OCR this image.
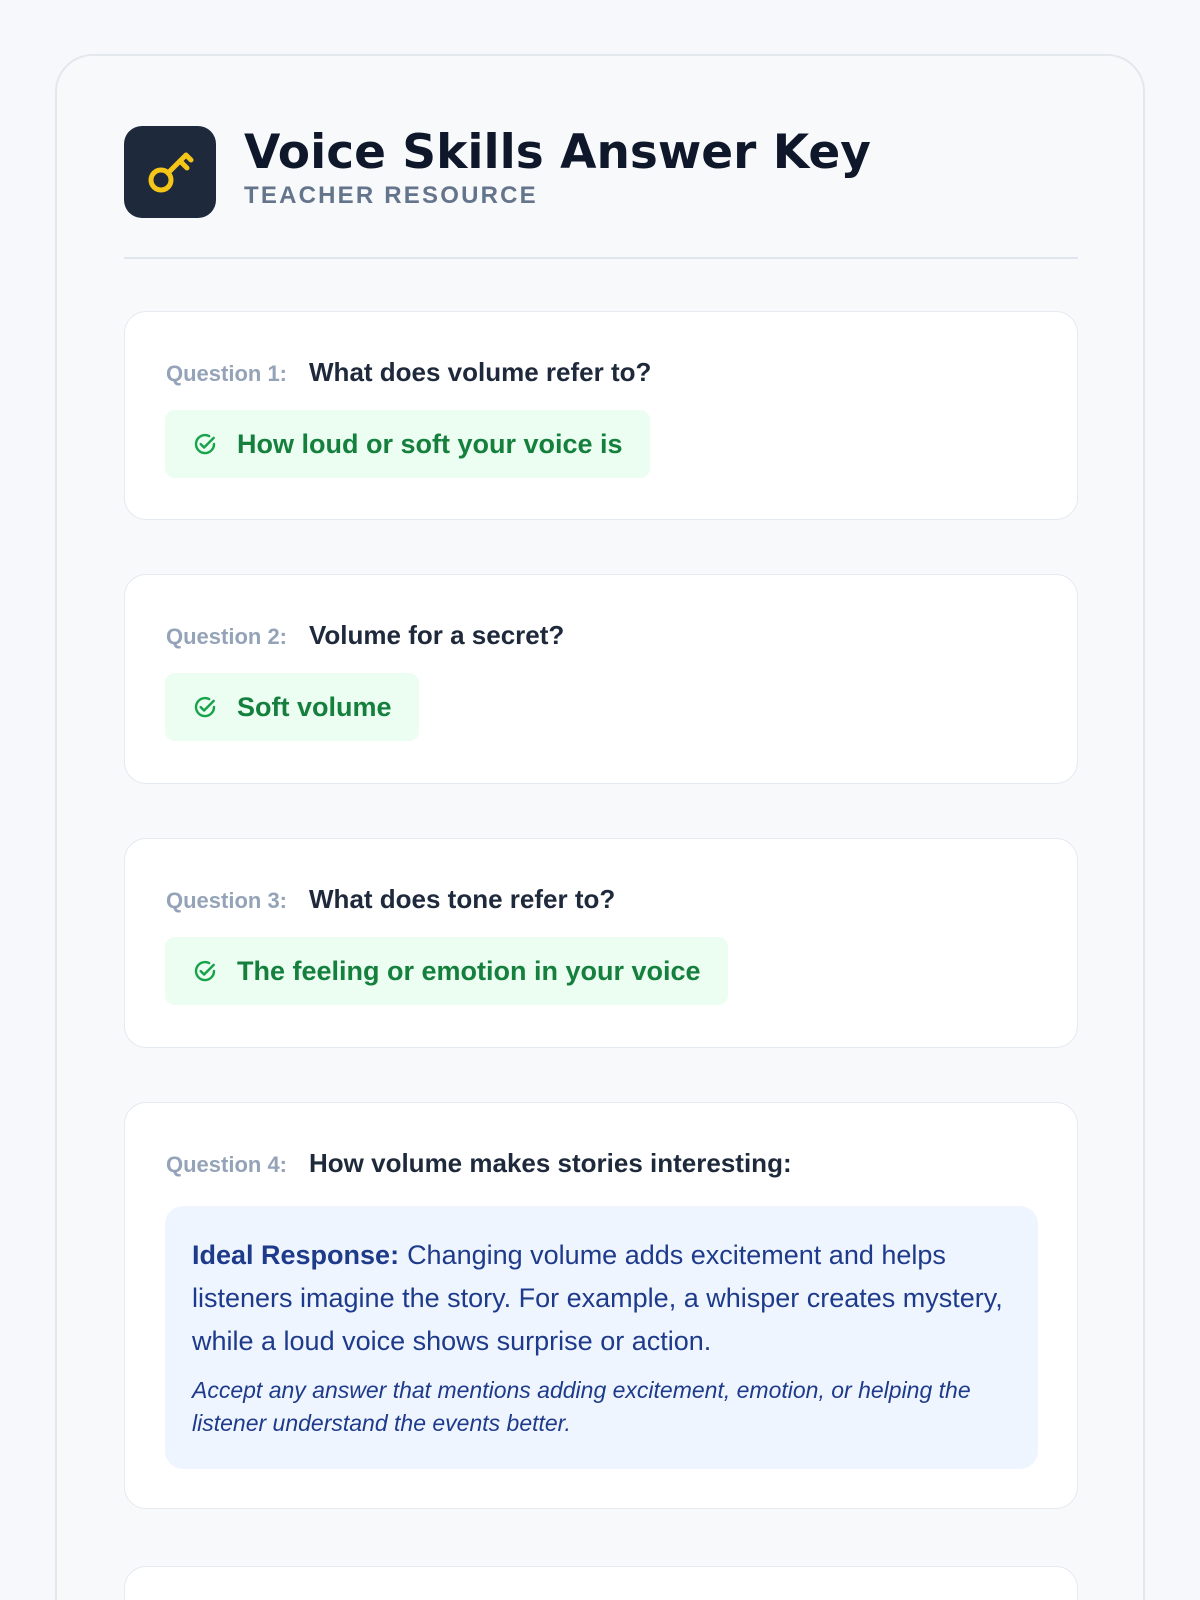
Voice Skills Answer Key
TEACHER RESOURCE
Question 1: What does volume refer to?
How loud or soft your voice is
Question 2: Volume for a secret?
Soft volume
Question 3: What does tone refer to?
The feeling or emotion in your voice
Question 4: How volume makes stories interesting:
Ideal Response: Changing volume adds excitement and helps listeners imagine the story. For example, a whisper creates mystery, while a loud voice shows surprise or action.
Accept any answer that mentions adding excitement, emotion, or helping the listener understand the events better.
